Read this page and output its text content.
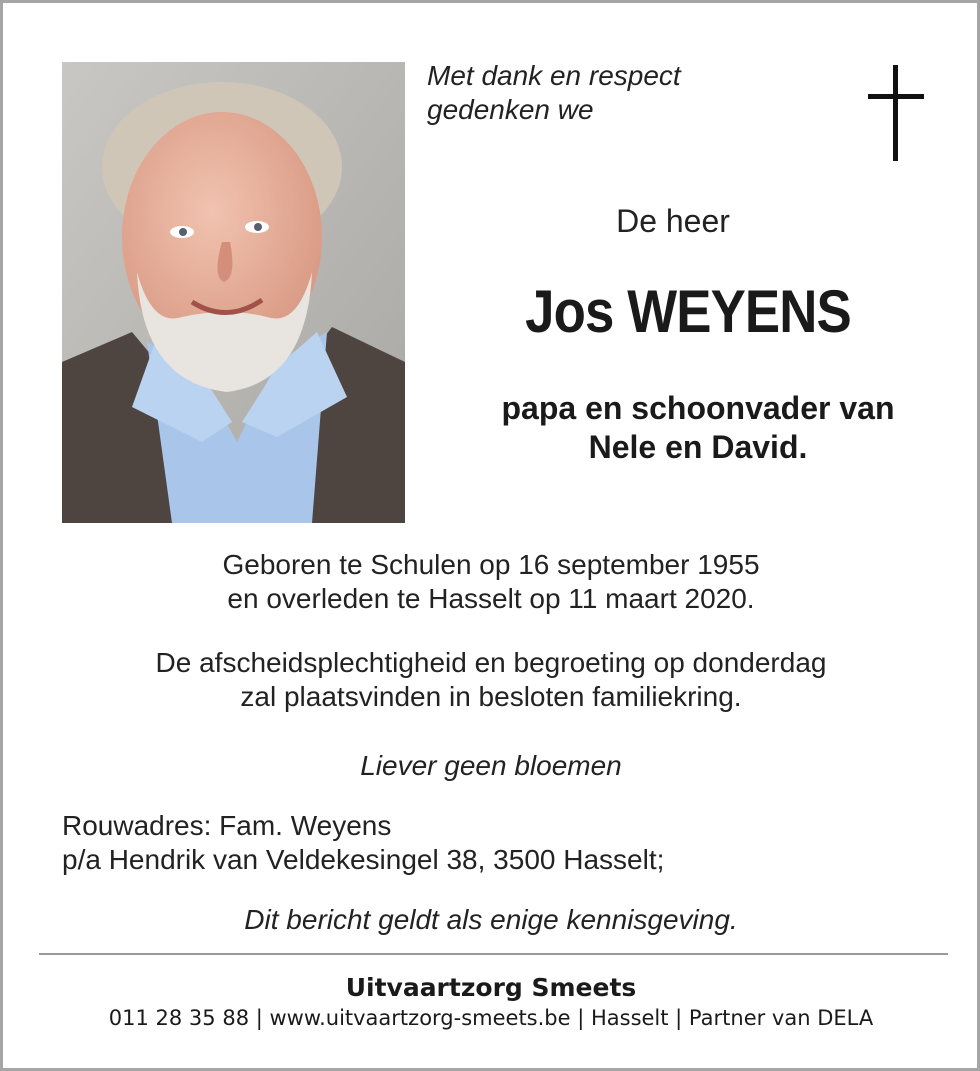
Met dank en respect
gedenken we
De heer
Jos WEYENS
papa en schoonvader van
Nele en David.
Geboren te Schulen op 16 september 1955
en overleden te Hasselt op 11 maart 2020.
De afscheidsplechtigheid en begroeting op donderdag
zal plaatsvinden in besloten familiekring.
Liever geen bloemen
Rouwadres: Fam. Weyens
p/a Hendrik van Veldekesingel 38, 3500 Hasselt;
Dit bericht geldt als enige kennisgeving.
Uitvaartzorg Smeets
011 28 35 88 | www.uitvaartzorg-smeets.be | Hasselt | Partner van DELA
